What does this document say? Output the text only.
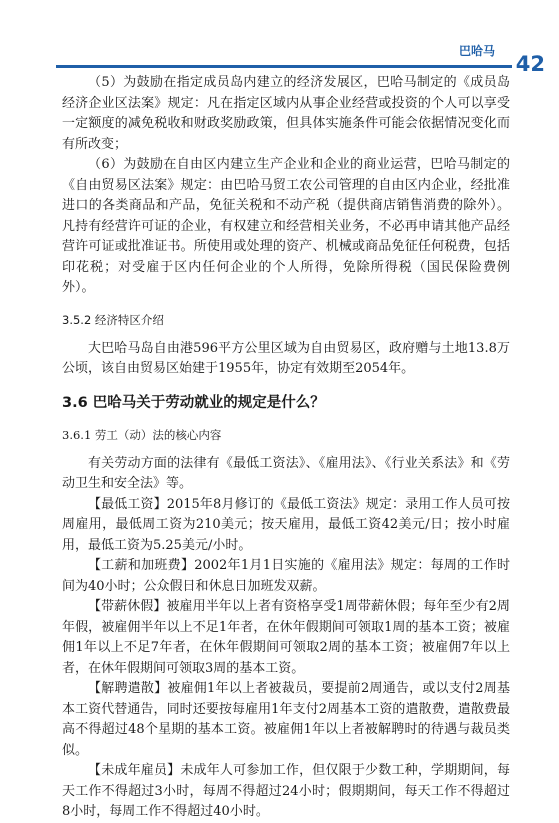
巴哈马
42

（5）为鼓励在指定成员岛内建立的经济发展区，巴哈马制定的《成员岛经济企业区法案》规定：凡在指定区域内从事企业经营或投资的个人可以享受一定额度的减免税收和财政奖励政策，但具体实施条件可能会依据情况变化而有所改变；

（6）为鼓励在自由区内建立生产企业和企业的商业运营，巴哈马制定的《自由贸易区法案》规定：由巴哈马贸工农公司管理的自由区内企业，经批准进口的各类商品和产品，免征关税和不动产税（提供商店销售消费的除外）。凡持有经营许可证的企业，有权建立和经营相关业务，不必再申请其他产品经营许可证或批准证书。所使用或处理的资产、机械或商品免征任何税费，包括印花税；对受雇于区内任何企业的个人所得，免除所得税（国民保险费例外）。

3.5.2 经济特区介绍

大巴哈马岛自由港596平方公里区域为自由贸易区，政府赠与土地13.8万公顷，该自由贸易区始建于1955年，协定有效期至2054年。

3.6 巴哈马关于劳动就业的规定是什么？
3.6.1 劳工（动）法的核心内容

有关劳动方面的法律有《最低工资法》、《雇用法》、《行业关系法》和《劳动卫生和安全法》等。

【最低工资】2015年8月修订的《最低工资法》规定：录用工作人员可按周雇用，最低周工资为210美元；按天雇用，最低工资42美元/日；按小时雇用，最低工资为5.25美元/小时。

【工薪和加班费】2002年1月1日实施的《雇用法》规定：每周的工作时间为40小时；公众假日和休息日加班发双薪。

【带薪休假】被雇用半年以上者有资格享受1周带薪休假；每年至少有2周年假，被雇佣半年以上不足1年者，在休年假期间可领取1周的基本工资；被雇佣1年以上不足7年者，在休年假期间可领取2周的基本工资；被雇佣7年以上者，在休年假期间可领取3周的基本工资。

【解聘遣散】被雇佣1年以上者被裁员，要提前2周通告，或以支付2周基本工资代替通告，同时还要按每雇用1年支付2周基本工资的遣散费，遣散费最高不得超过48个星期的基本工资。被雇佣1年以上者被解聘时的待遇与裁员类似。

【未成年雇员】未成年人可参加工作，但仅限于少数工种，学期期间，每天工作不得超过3小时，每周不得超过24小时；假期期间，每天工作不得超过8小时，每周工作不得超过40小时。
